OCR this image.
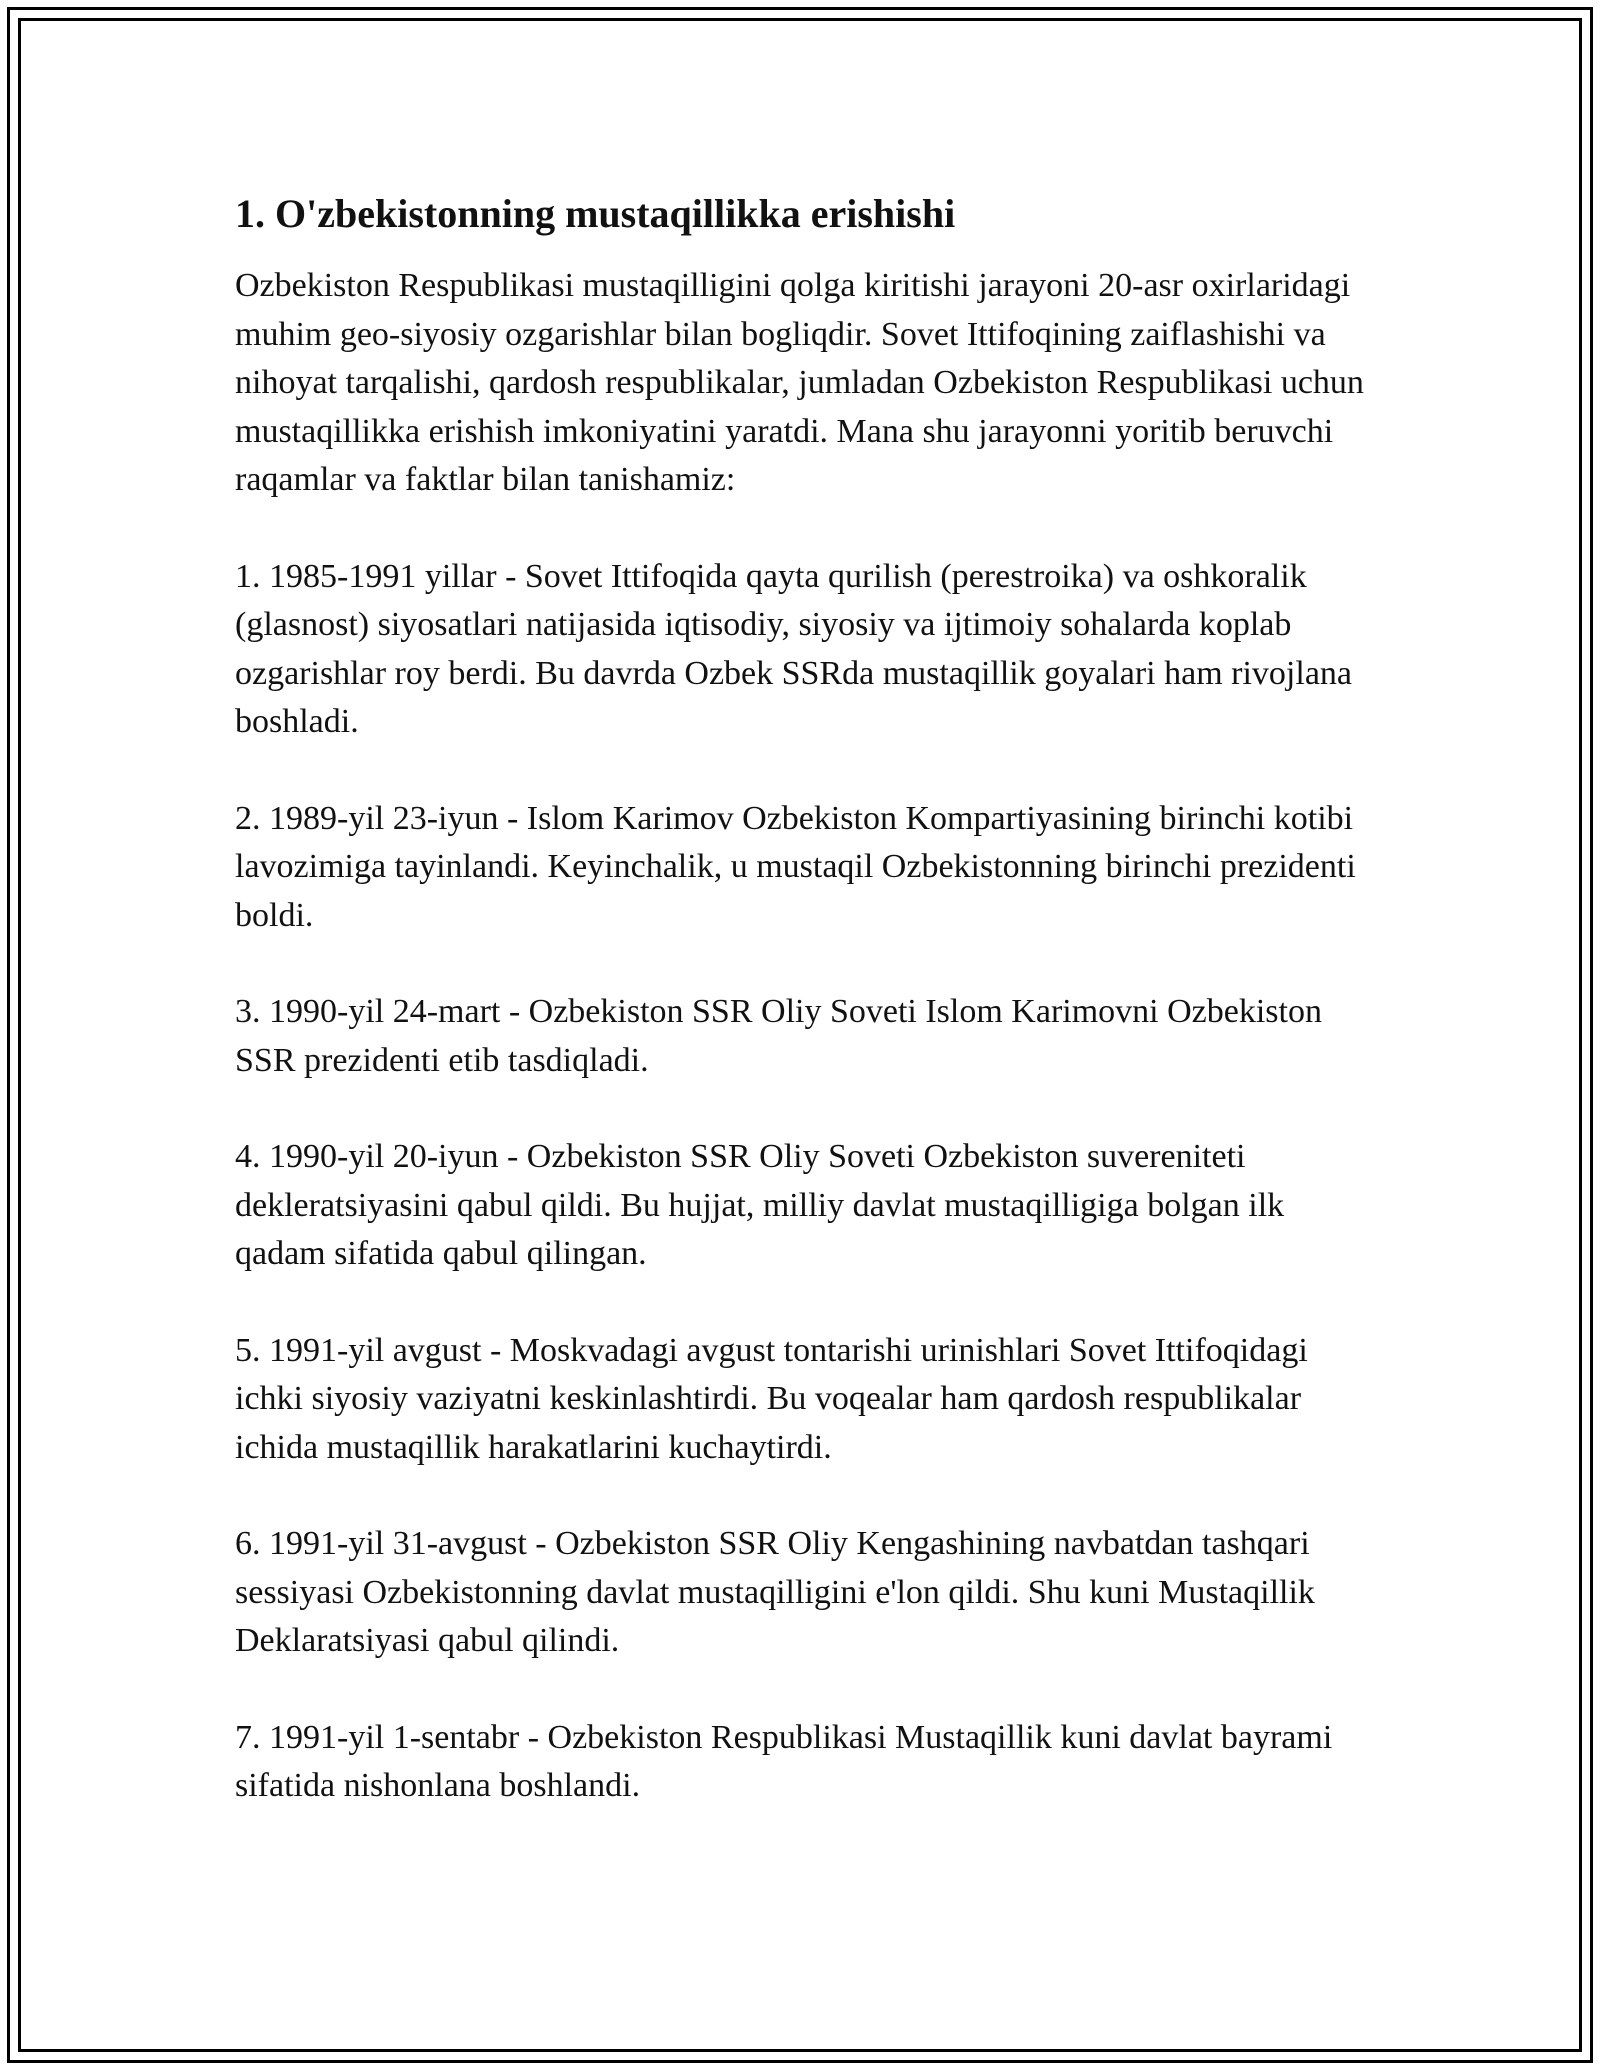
1. O'zbekistonning mustaqillikka erishishi

Ozbekiston Respublikasi mustaqilligini qolga kiritishi jarayoni 20-asr oxirlaridagi muhim geo-siyosiy ozgarishlar bilan bogliqdir. Sovet Ittifoqining zaiflashishi va nihoyat tarqalishi, qardosh respublikalar, jumladan Ozbekiston Respublikasi uchun mustaqillikka erishish imkoniyatini yaratdi. Mana shu jarayonni yoritib beruvchi raqamlar va faktlar bilan tanishamiz:

1. 1985-1991 yillar - Sovet Ittifoqida qayta qurilish (perestroika) va oshkoralik (glasnost) siyosatlari natijasida iqtisodiy, siyosiy va ijtimoiy sohalarda koplab ozgarishlar roy berdi. Bu davrda Ozbek SSRda mustaqillik goyalari ham rivojlana boshladi.

2. 1989-yil 23-iyun - Islom Karimov Ozbekiston Kompartiyasining birinchi kotibi lavozimiga tayinlandi. Keyinchalik, u mustaqil Ozbekistonning birinchi prezidenti boldi.

3. 1990-yil 24-mart - Ozbekiston SSR Oliy Soveti Islom Karimovni Ozbekiston SSR prezidenti etib tasdiqladi.

4. 1990-yil 20-iyun - Ozbekiston SSR Oliy Soveti Ozbekiston suvereniteti dekleratsiyasini qabul qildi. Bu hujjat, milliy davlat mustaqilligiga bolgan ilk qadam sifatida qabul qilingan.

5. 1991-yil avgust - Moskvadagi avgust tontarishi urinishlari Sovet Ittifoqidagi ichki siyosiy vaziyatni keskinlashtirdi. Bu voqealar ham qardosh respublikalar ichida mustaqillik harakatlarini kuchaytirdi.

6. 1991-yil 31-avgust - Ozbekiston SSR Oliy Kengashining navbatdan tashqari sessiyasi Ozbekistonning davlat mustaqilligini e'lon qildi. Shu kuni Mustaqillik Deklaratsiyasi qabul qilindi.

7. 1991-yil 1-sentabr - Ozbekiston Respublikasi Mustaqillik kuni davlat bayrami sifatida nishonlana boshlandi.
